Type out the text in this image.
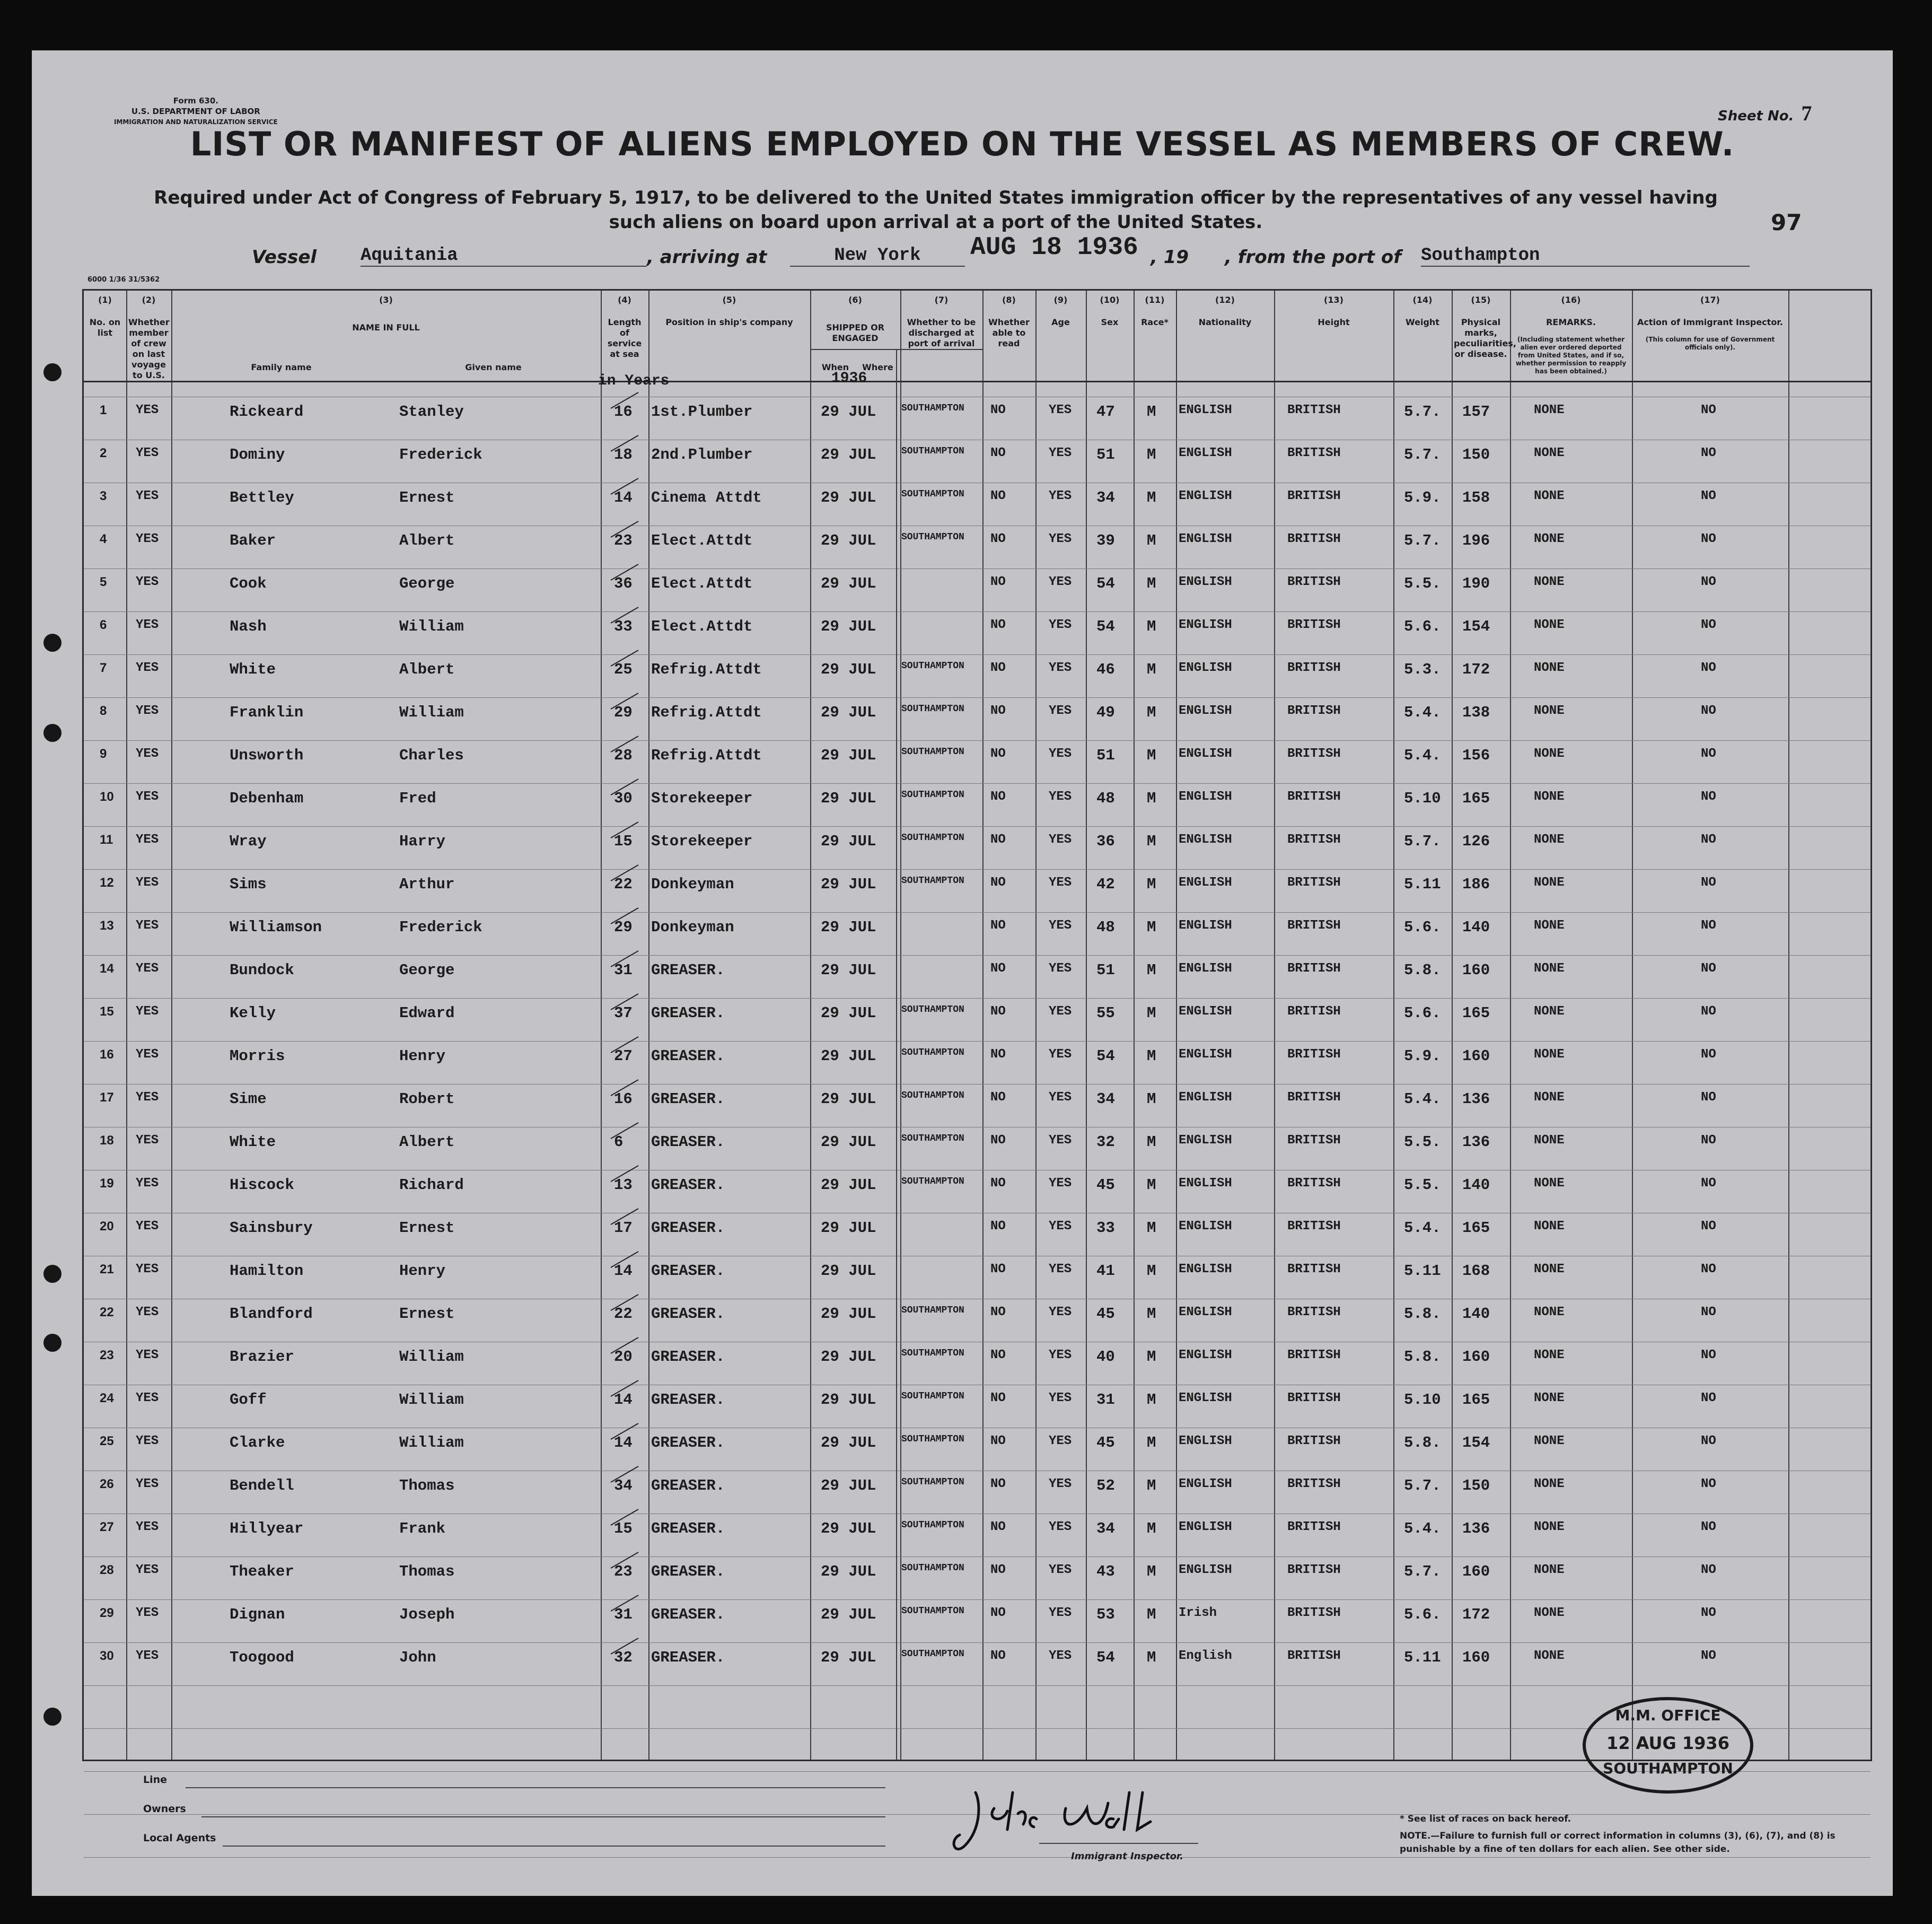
Form 630.
U.S. DEPARTMENT OF LABOR
IMMIGRATION AND NATURALIZATION SERVICE	Sheet No. 7
LIST OR MANIFEST OF ALIENS EMPLOYED ON THE VESSEL AS MEMBERS OF CREW.
Required under Act of Congress of February 5, 1917, to be delivered to the United States immigration officer by the representatives of any vessel having such aliens on board upon arrival at a port of the United States.	97
Vessel Aquitania	, arriving at	New York	AUG 18 1936 , 19 , from the port of Southampton
6000 1/36 31/5362
(1)
No. on list
(2)
Whether member of crew on last voyage to U.S.
(3)
NAME IN FULL
Family name	Given name
(4)
Length of service at sea
in Years
(5)
Position in ship's company
(6)
SHIPPED OR ENGAGED
When Where
1936
(7)
Whether to be discharged at port of arrival
(8)
Whether able to read
(9)
Age
(10)
Sex
(11)
Race*
(12)
Nationality
(13)
Height
(14)
Weight
(15)
Physical marks, peculiarities, or disease.
(16)
REMARKS.
(Including statement whether alien ever ordered deported from United States, and if so, whether permission to reapply has been obtained.)
(17)
Action of Immigrant Inspector.
(This column for use of Government officials only).
1 YES	Rickeard	Stanley	16 1st.Plumber	29 JUL	SOUTHAMPTON NO	YES 47 M ENGLISH	BRITISH	5.7. 157	NONE	NO
2 YES	Dominy	Frederick	18 2nd.Plumber	29 JUL	SOUTHAMPTON NO	YES 51 M ENGLISH	BRITISH	5.7. 150	NONE	NO
3 YES	Bettley	Ernest	14 Cinema Attdt	29 JUL	SOUTHAMPTON NO	YES 34 M ENGLISH	BRITISH	5.9. 158	NONE	NO
4 YES	Baker	Albert	23 Elect.Attdt	29 JUL	SOUTHAMPTON NO	YES 39 M ENGLISH	BRITISH	5.7. 196	NONE	NO
5 YES	Cook	George	36 Elect.Attdt	29 JUL	NO	YES 54 M ENGLISH	BRITISH	5.5. 190	NONE	NO
6 YES	Nash	William	33 Elect.Attdt	29 JUL	NO	YES 54 M ENGLISH	BRITISH	5.6. 154	NONE	NO
7 YES	White	Albert	25 Refrig.Attdt	29 JUL	SOUTHAMPTON NO	YES 46 M ENGLISH	BRITISH	5.3. 172	NONE	NO
8 YES	Franklin	William	29 Refrig.Attdt	29 JUL	SOUTHAMPTON NO	YES 49 M ENGLISH	BRITISH	5.4. 138	NONE	NO
9 YES	Unsworth	Charles	28 Refrig.Attdt	29 JUL	SOUTHAMPTON NO	YES 51 M ENGLISH	BRITISH	5.4. 156	NONE	NO
10 YES	Debenham	Fred	30 Storekeeper	29 JUL	SOUTHAMPTON NO	YES 48 M ENGLISH	BRITISH	5.10 165	NONE	NO
11 YES	Wray	Harry	15 Storekeeper	29 JUL	SOUTHAMPTON NO	YES 36 M ENGLISH	BRITISH	5.7. 126	NONE	NO
12 YES	Sims	Arthur	22 Donkeyman	29 JUL	SOUTHAMPTON NO	YES 42 M ENGLISH	BRITISH	5.11 186	NONE	NO
13 YES	Williamson	Frederick	29 Donkeyman	29 JUL	NO	YES 48 M ENGLISH	BRITISH	5.6. 140	NONE	NO
14 YES	Bundock	George	31 GREASER.	29 JUL	NO	YES 51 M ENGLISH	BRITISH	5.8. 160	NONE	NO
15 YES	Kelly	Edward	37 GREASER.	29 JUL	SOUTHAMPTON NO	YES 55 M ENGLISH	BRITISH	5.6. 165	NONE	NO
16 YES	Morris	Henry	27 GREASER.	29 JUL	SOUTHAMPTON NO	YES 54 M ENGLISH	BRITISH	5.9. 160	NONE	NO
17 YES	Sime	Robert	16 GREASER.	29 JUL	SOUTHAMPTON NO	YES 34 M ENGLISH	BRITISH	5.4. 136	NONE	NO
18 YES	White	Albert	6 GREASER.	29 JUL	SOUTHAMPTON NO	YES 32 M ENGLISH	BRITISH	5.5. 136	NONE	NO
19 YES	Hiscock	Richard	13 GREASER.	29 JUL	SOUTHAMPTON NO	YES 45 M ENGLISH	BRITISH	5.5. 140	NONE	NO
20 YES	Sainsbury	Ernest	17 GREASER.	29 JUL	NO	YES 33 M ENGLISH	BRITISH	5.4. 165	NONE	NO
21 YES	Hamilton	Henry	14 GREASER.	29 JUL	NO	YES 41 M ENGLISH	BRITISH	5.11 168	NONE	NO
22 YES	Blandford	Ernest	22 GREASER.	29 JUL	SOUTHAMPTON NO	YES 45 M ENGLISH	BRITISH	5.8. 140	NONE	NO
23 YES	Brazier	William	20 GREASER.	29 JUL	SOUTHAMPTON NO	YES 40 M ENGLISH	BRITISH	5.8. 160	NONE	NO
24 YES	Goff	William	14 GREASER.	29 JUL	SOUTHAMPTON NO	YES 31 M ENGLISH	BRITISH	5.10 165	NONE	NO
25 YES	Clarke	William	14 GREASER.	29 JUL	SOUTHAMPTON NO	YES 45 M ENGLISH	BRITISH	5.8. 154	NONE	NO
26 YES	Bendell	Thomas	34 GREASER.	29 JUL	SOUTHAMPTON NO	YES 52 M ENGLISH	BRITISH	5.7. 150	NONE	NO
27 YES	Hillyear	Frank	15 GREASER.	29 JUL	SOUTHAMPTON NO	YES 34 M ENGLISH	BRITISH	5.4. 136	NONE	NO
28 YES	Theaker	Thomas	23 GREASER.	29 JUL	SOUTHAMPTON NO	YES 43 M ENGLISH	BRITISH	5.7. 160	NONE	NO
29 YES	Dignan	Joseph	31 GREASER.	29 JUL	SOUTHAMPTON NO	YES 53 M Irish	BRITISH	5.6. 172	NONE	NO
30 YES	Toogood	John	32 GREASER.	29 JUL	SOUTHAMPTON NO	YES 54 M English	BRITISH	5.11 160	NONE	NO
Line
Owners
Local Agents
Immigrant Inspector.
* See list of races on back hereof.
NOTE.—Failure to furnish full or correct information in columns (3), (6), (7), and (8) is punishable by a fine of ten dollars for each alien. See other side.
M.M. OFFICE
12 AUG 1936
SOUTHAMPTON
